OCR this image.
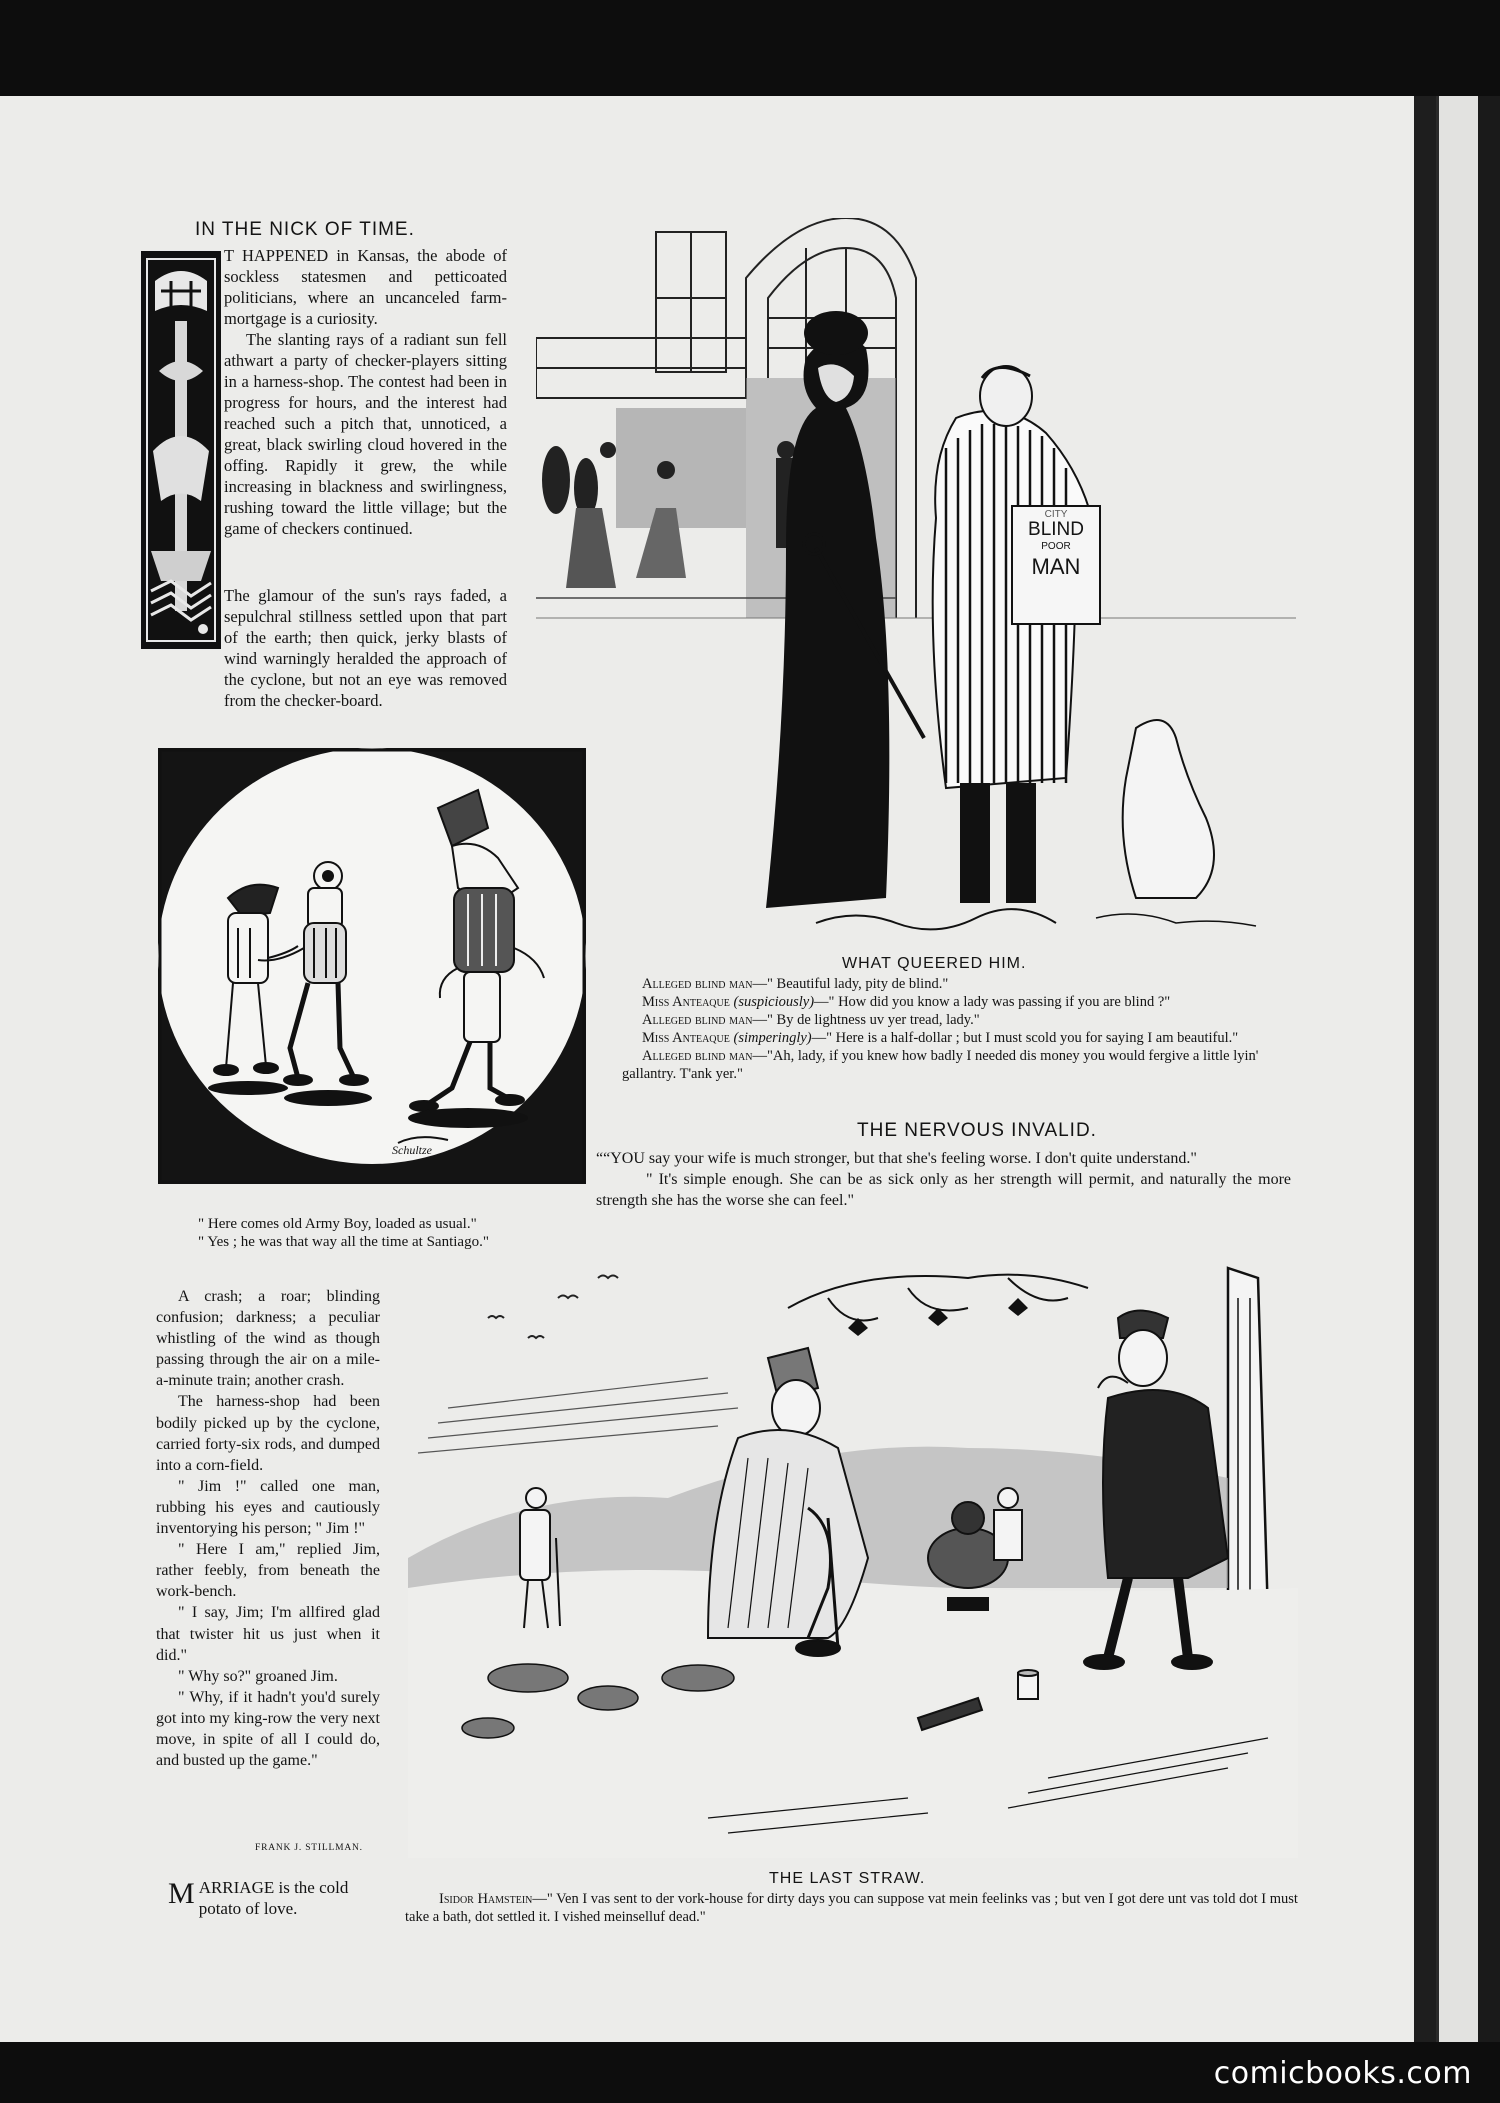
IN THE NICK OF TIME.

T HAPPENED in Kansas, the abode of sockless statesmen and petticoated politicians, where an uncanceled farm-mortgage is a curiosity.

The slanting rays of a radiant sun fell athwart a party of checker-players sitting in a harness-shop. The contest had been in progress for hours, and the interest had reached such a pitch that, unnoticed, a great, black swirling cloud hovered in the offing. Rapidly it grew, the while increasing in blackness and swirlingness, rushing toward the little village; but the game of checkers continued.

The glamour of the sun's rays faded, a sepulchral stillness settled upon that part of the earth; then quick, jerky blasts of wind warningly heralded the approach of the cyclone, but not an eye was removed from the checker-board.

CITY
BLIND
POOR
MAN
WHAT QUEERED HIM.
Alleged blind man—" Beautiful lady, pity de blind."
Miss Anteaque (suspiciously)—" How did you know a lady was passing if you are blind ?"
Alleged blind man—" By de lightness uv yer tread, lady."
Miss Anteaque (simperingly)—" Here is a half-dollar ; but I must scold you for saying I am beautiful."
Alleged blind man—"Ah, lady, if you knew how badly I needed dis money you would fergive a little lyin' gallantry. T'ank yer."
Schultze
" Here comes old Army Boy, loaded as usual."
" Yes ; he was that way all the time at Santiago."
THE NERVOUS INVALID.

““YOU say your wife is much stronger, but that she's feeling worse. I don't quite understand."

" It's simple enough. She can be as sick only as her strength will permit, and naturally the more strength she has the worse she can feel."

A crash; a roar; blinding confusion; darkness; a peculiar whistling of the wind as though passing through the air on a mile-a-minute train; another crash.

The harness-shop had been bodily picked up by the cyclone, carried forty-six rods, and dumped into a corn-field.

" Jim !" called one man, rubbing his eyes and cautiously inventorying his person; " Jim !"

" Here I am," replied Jim, rather feebly, from beneath the work-bench.

" I say, Jim; I'm allfired glad that twister hit us just when it did."

" Why so?" groaned Jim.

" Why, if it hadn't you'd surely got into my king-row the very next move, in spite of all I could do, and busted up the game."

FRANK J. STILLMAN.
MARRIAGE is the cold potato of love.
THE LAST STRAW.
Isidor Hamstein—" Ven I vas sent to der vork-house for dirty days you can suppose vat mein feelinks vas ; but ven I got dere unt vas told dot I must take a bath, dot settled it. I vished meinselluf dead."
comicbooks.com
